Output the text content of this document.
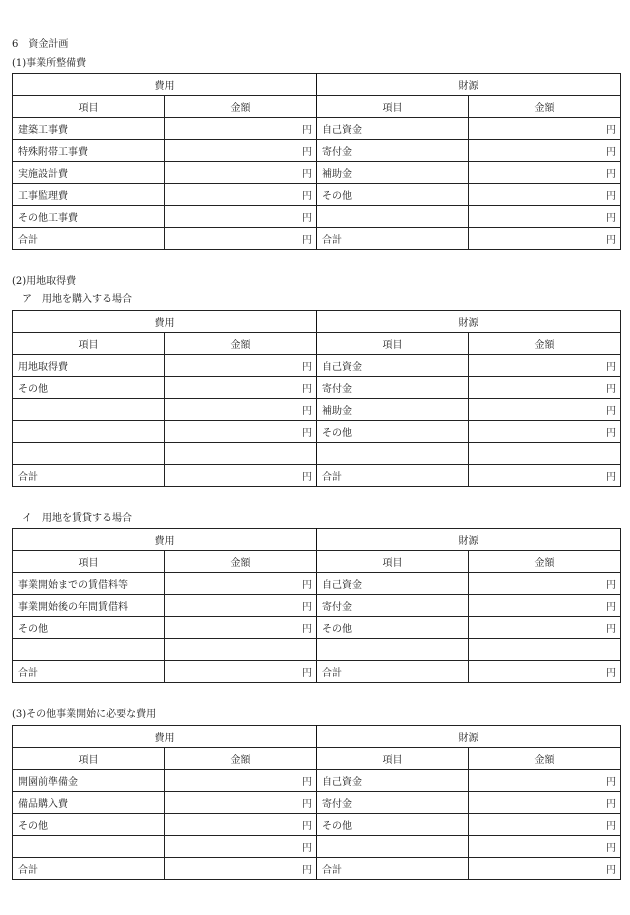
6　資金計画
(1)事業所整備費
費用		財源	
項目	金額	項目	金額
建築工事費	円	自己資金	円
特殊附帯工事費	円	寄付金	円
実施設計費	円	補助金	円
工事監理費	円	その他	円
その他工事費	円		円
合計	円	合計	円
(2)用地取得費
　ア　用地を購入する場合
費用		財源	
項目	金額	項目	金額
用地取得費	円	自己資金	円
その他	円	寄付金	円
	円	補助金	円
	円	その他	円

合計	円	合計	円
　イ　用地を賃貸する場合
費用		財源	
項目	金額	項目	金額
事業開始までの賃借料等	円	自己資金	円
事業開始後の年間賃借料	円	寄付金	円
その他	円	その他	円

合計	円	合計	円
(3)その他事業開始に必要な費用
費用		財源	
項目	金額	項目	金額
開園前準備金	円	自己資金	円
備品購入費	円	寄付金	円
その他	円	その他	円
	円		円
合計	円	合計	円
